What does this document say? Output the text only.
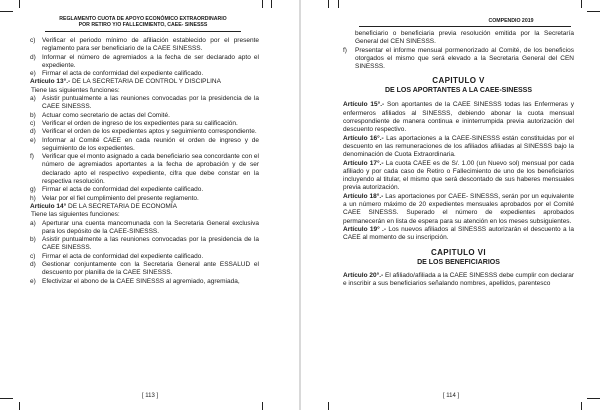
REGLAMENTO CUOTA DE APOYO ECONÓMICO EXTRAORDINARIO
POR RETIRO Y/O FALLECIMIENTO, CAEE- SINESSS

c) Verificar el periodo mínimo de afiliación establecido por el presente reglamento para ser beneficiario de la CAEE SINESSS.

d) Informar el número de agremiados a la fecha de ser declarado apto el expediente.

e) Firmar el acta de conformidad del expediente calificado.

Artículo 13°.- DE LA SECRETARIA DE CONTROL Y DISCIPLINA

Tiene las siguientes funciones:

a) Asistir puntualmente a las reuniones convocadas por la presidencia de la CAEE SINESSS.

b) Actuar como secretario de actas del Comité.

c) Verificar el orden de ingreso de los expedientes para su calificación.

d) Verificar el orden de los expedientes aptos y seguimiento correspondiente.

e) Informar al Comité CAEE en cada reunión el orden de ingreso y de seguimiento de los expedientes.

f) Verificar que el monto asignado a cada beneficiario sea concordante con el número de agremiados aportantes a la fecha de aprobación y de ser declarado apto el respectivo expediente, cifra que debe constar en la respectiva resolución.

g) Firmar el acta de conformidad del expediente calificado.

h) Velar por el fiel cumplimiento del presente reglamento.

Artículo 14° DE LA SECRETARIA DE ECONOMÍA

Tiene las siguientes funciones:

a) Aperturar una cuenta mancomunada con la Secretaria General exclusiva para los depósito de la CAEE-SINESSS.

b) Asistir puntualmente a las reuniones convocadas por la presidencia de la CAEE SINESSS.

c) Firmar el acta de conformidad del expediente calificado.

d) Gestionar conjuntamente con la Secretaria General ante ESSALUD el descuento por planilla de la CAEE SINESSS.

e) Efectivizar el abono de la CAEE SINESSS al agremiado, agremiada,

[ 113 ]
COMPENDIO 2019

beneficiario o beneficiaria previa resolución emitida por la Secretaría General del CEN SINESSS.

f) Presentar el informe mensual pormenorizado al Comité, de los beneficios otorgados el mismo que será elevado a la Secretaria General del CEN SINESSS.

CAPITULO V

DE LOS APORTANTES A LA CAEE-SINESSS

Artículo 15°.- Son aportantes de la CAEE SINESSS todas las Enfermeras y enfermeros afiliados al SINESSS, debiendo abonar la cuota mensual correspondiente de manera continua e ininterrumpida previa autorización del descuento respectivo.

Artículo 16°.- Las aportaciones a la CAEE-SINESSS están constituidas por el descuento en las remuneraciones de los afiliados afiliadas al SINESSS bajo la denominación de Cuota Extraordinaria.

Artículo 17°.- La cuota CAEE es de S/. 1.00 (un Nuevo sol) mensual por cada afiliado y por cada caso de Retiro o Fallecimiento de uno de los beneficiarios incluyendo al titular, el mismo que será descontado de sus haberes mensuales previa autorización.

Artículo 18°.- Las aportaciones por CAEE- SINESSS, serán por un equivalente a un número máximo de 20 expedientes mensuales aprobados por el Comité CAEE SINESSS. Superado el número de expedientes aprobados permanecerán en lista de espera para su atención en los meses subsiguientes.

Artículo 19° .- Los nuevos afiliados al SINESSS autorizarán el descuento a la CAEE al momento de su inscripción.

CAPITULO VI

DE LOS BENEFICIARIOS

Artículo 20°.- El afiliado/afiliada a la CAEE SINESSS debe cumplir con declarar e inscribir a sus beneficiarios señalando nombres, apellidos, parentesco

[ 114 ]
